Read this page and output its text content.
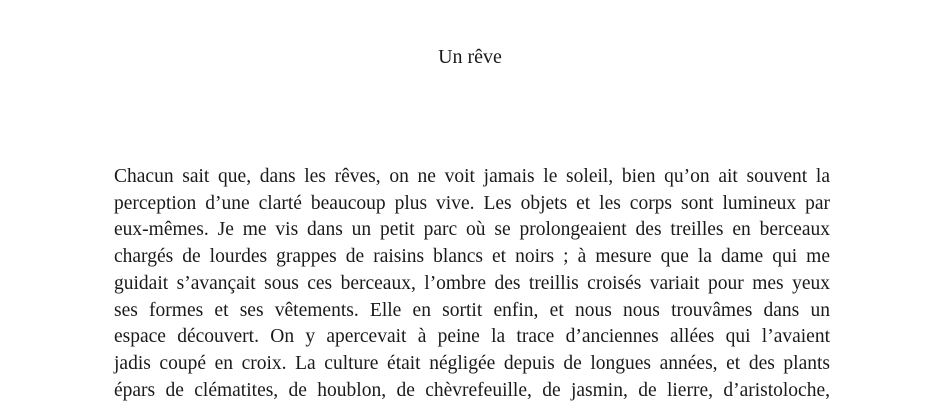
Un rêve
Chacun sait que, dans les rêves, on ne voit jamais le soleil, bien qu’on ait souvent la
perception d’une clarté beaucoup plus vive. Les objets et les corps sont lumineux par
eux-mêmes. Je me vis dans un petit parc où se prolongeaient des treilles en berceaux
chargés de lourdes grappes de raisins blancs et noirs ; à mesure que la dame qui me
guidait s’avançait sous ces berceaux, l’ombre des treillis croisés variait pour mes yeux
ses formes et ses vêtements. Elle en sortit enfin, et nous nous trouvâmes dans un
espace découvert. On y apercevait à peine la trace d’anciennes allées qui l’avaient
jadis coupé en croix. La culture était négligée depuis de longues années, et des plants
épars de clématites, de houblon, de chèvrefeuille, de jasmin, de lierre, d’aristoloche,
